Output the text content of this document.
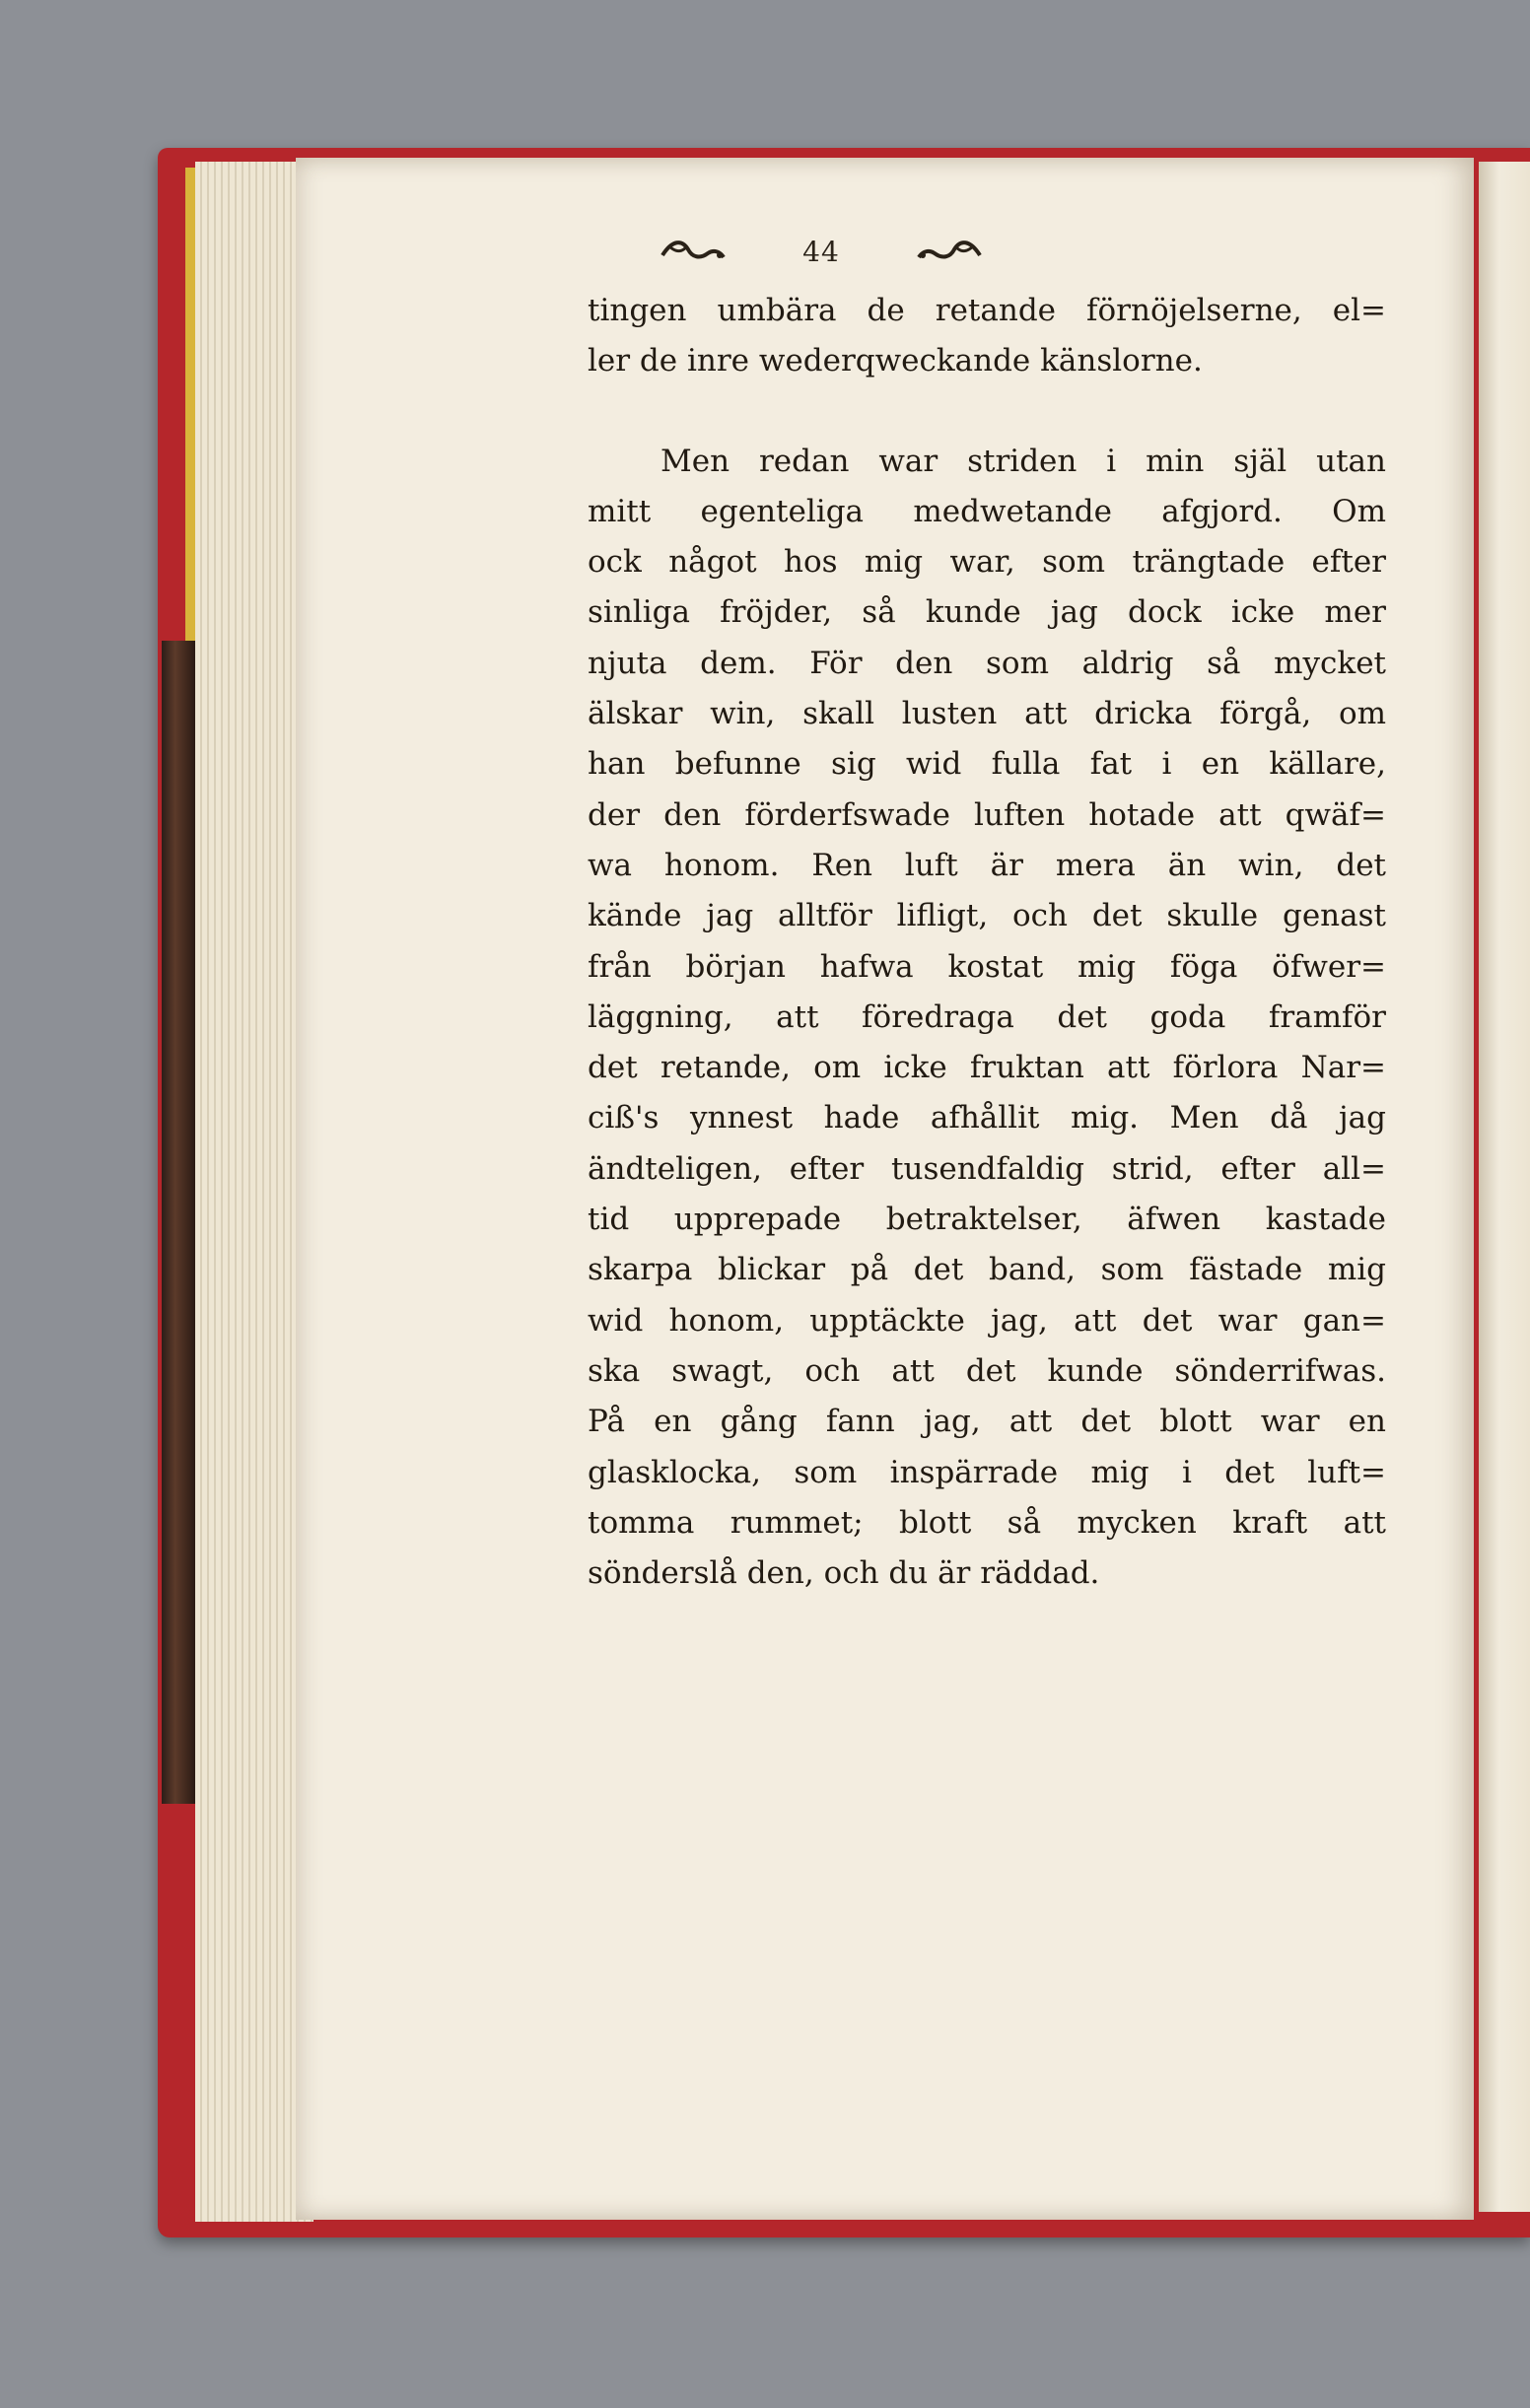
44
tingen umbära de retande förnöjelserne, el=
ler de inre wederqweckande känslorne.
Men redan war striden i min själ utan
mitt egenteliga medwetande afgjord. Om
ock något hos mig war, som trängtade efter
sinliga fröjder, så kunde jag dock icke mer
njuta dem. För den som aldrig så mycket
älskar win, skall lusten att dricka förgå, om
han befunne sig wid fulla fat i en källare,
der den förderfswade luften hotade att qwäf=
wa honom. Ren luft är mera än win, det
kände jag alltför lifligt, och det skulle genast
från början hafwa kostat mig föga öfwer=
läggning, att föredraga det goda framför
det retande, om icke fruktan att förlora Nar=
ciß's ynnest hade afhållit mig. Men då jag
ändteligen, efter tusendfaldig strid, efter all=
tid upprepade betraktelser, äfwen kastade
skarpa blickar på det band, som fästade mig
wid honom, upptäckte jag, att det war gan=
ska swagt, och att det kunde sönderrifwas.
På en gång fann jag, att det blott war en
glasklocka, som inspärrade mig i det luft=
tomma rummet; blott så mycken kraft att
sönderslå den, och du är räddad.
